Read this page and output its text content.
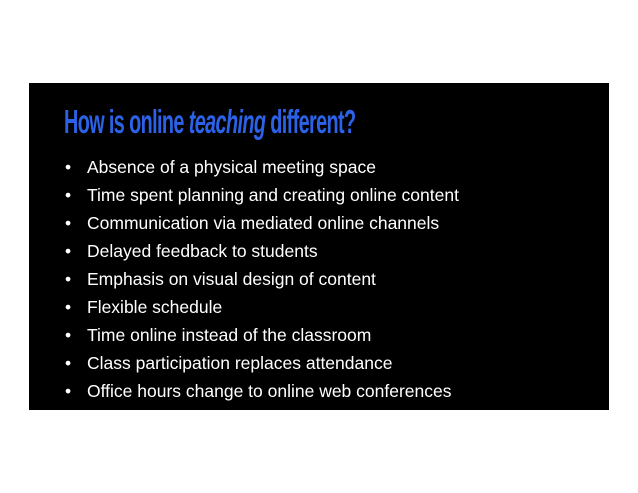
How is online teaching different?
• Absence of a physical meeting space
• Time spent planning and creating online content
• Communication via mediated online channels
• Delayed feedback to students
• Emphasis on visual design of content
• Flexible schedule
• Time online instead of the classroom
• Class participation replaces attendance
• Office hours change to online web conferences
